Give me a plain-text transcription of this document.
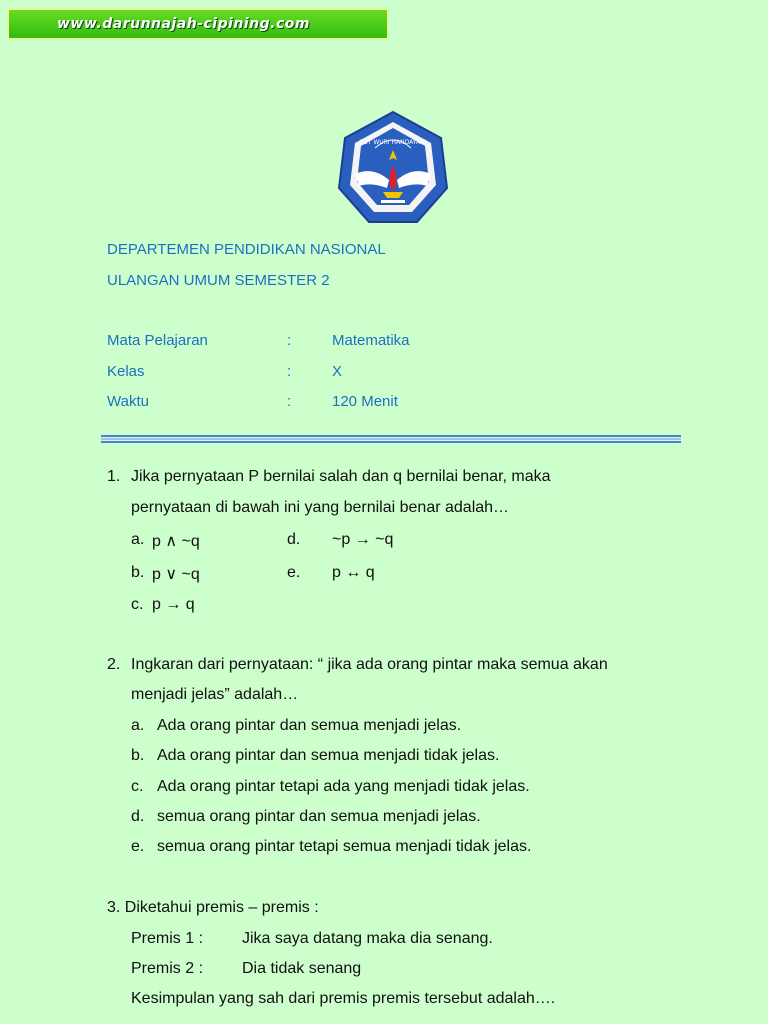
www.darunnajah-cipining.com
TUT WURI HANDAYANI
DEPARTEMEN PENDIDIKAN NASIONAL
ULANGAN UMUM SEMESTER 2
Mata Pelajaran	:	Matematika
Kelas	:	X
Waktu	:	120 Menit
1. Jika pernyataan P bernilai salah dan q bernilai benar, maka
pernyataan di bawah ini yang bernilai benar adalah…
a. p ∧ ~q
b. p ∨ ~q
c. p → q
d. ~p → ~q
e. p ↔ q
2. Ingkaran dari pernyataan: “ jika ada orang pintar maka semua akan
menjadi jelas” adalah…
a. Ada orang pintar dan semua menjadi jelas.
b. Ada orang pintar dan semua menjadi tidak jelas.
c. Ada orang pintar tetapi ada yang menjadi tidak jelas.
d. semua orang pintar dan semua menjadi jelas.
e. semua orang pintar tetapi semua menjadi tidak jelas.
3. Diketahui premis – premis :
Premis 1 : Jika saya datang maka dia senang.
Premis 2 : Dia tidak senang
Kesimpulan yang sah dari premis premis tersebut adalah….
